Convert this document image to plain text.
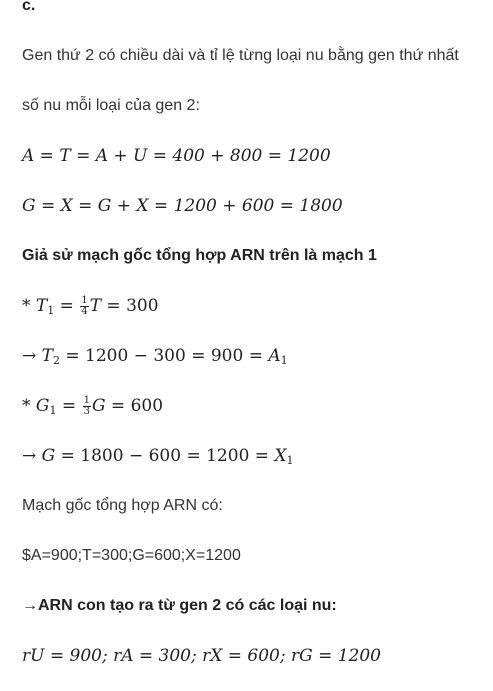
c.
Gen thứ 2 có chiều dài và tỉ lệ từng loại nu bằng gen thứ nhất
số nu mỗi loại của gen 2:
A = T = A + U = 400 + 800 = 1200
G = X = G + X = 1200 + 600 = 1800
Giả sử mạch gốc tổng hợp ARN trên là mạch 1
* $T_1 = \frac{1}{4}$ T = 300
→ $T_2 = 1200 - 300 = 900 = A_1$
* $G_1 = \frac{1}{3}$ G = 600
→ $G = 1800 - 600 = 1200 = X_1$
Mạch gốc tổng hợp ARN có:
$A=900;T=300;G=600;X=1200
→ARN con tạo ra từ gen 2 có các loại nu:
rU = 900; rA = 300; rX = 600; rG = 1200
